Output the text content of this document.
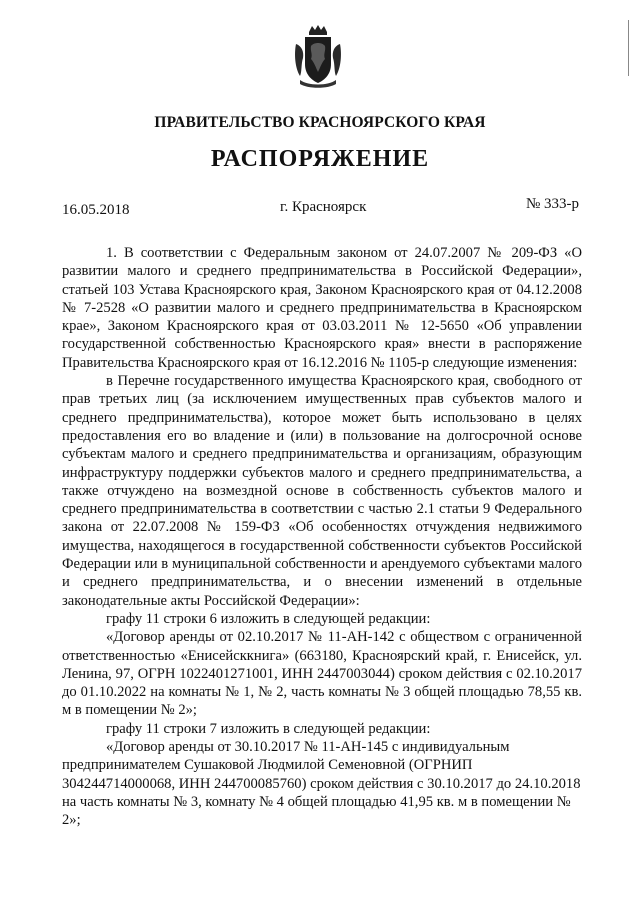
ПРАВИТЕЛЬСТВО КРАСНОЯРСКОГО КРАЯ
РАСПОРЯЖЕНИЕ
16.05.2018	г. Красноярск	№ 333-р

1. В соответствии с Федеральным законом от 24.07.2007 № 209-ФЗ «О развитии малого и среднего предпринимательства в Российской Федерации», статьей 103 Устава Красноярского края, Законом Красноярского края от 04.12.2008 № 7-2528 «О развитии малого и среднего предпринимательства в Красноярском крае», Законом Красноярского края от 03.03.2011 № 12-5650 «Об управлении государственной собственностью Красноярского края» внести в распоряжение Правительства Красноярского края от 16.12.2016 № 1105-р следующие изменения:

в Перечне государственного имущества Красноярского края, свободного от прав третьих лиц (за исключением имущественных прав субъектов малого и среднего предпринимательства), которое может быть использовано в целях предоставления его во владение и (или) в пользование на долгосрочной основе субъектам малого и среднего предпринимательства и организациям, образующим инфраструктуру поддержки субъектов малого и среднего предпринимательства, а также отчуждено на возмездной основе в собственность субъектов малого и среднего предпринимательства в соответствии с частью 2.1 статьи 9 Федерального закона от 22.07.2008 № 159-ФЗ «Об особенностях отчуждения недвижимого имущества, находящегося в государственной собственности субъектов Российской Федерации или в муниципальной собственности и арендуемого субъектами малого и среднего предпринимательства, и о внесении изменений в отдельные законодательные акты Российской Федерации»:

графу 11 строки 6 изложить в следующей редакции:

«Договор аренды от 02.10.2017 № 11-АН-142 с обществом с ограниченной ответственностью «Енисейсккнига» (663180, Красноярский край, г. Енисейск, ул. Ленина, 97, ОГРН 1022401271001, ИНН 2447003044) сроком действия с 02.10.2017 до 01.10.2022 на комнаты № 1, № 2, часть комнаты № 3 общей площадью 78,55 кв. м в помещении № 2»;

графу 11 строки 7 изложить в следующей редакции:

«Договор аренды от 30.10.2017 № 11-АН-145 с индивидуальным предпринимателем Сушаковой Людмилой Семеновной (ОГРНИП 304244714000068, ИНН 244700085760) сроком действия с 30.10.2017 до 24.10.2018 на часть комнаты № 3, комнату № 4 общей площадью 41,95 кв. м в помещении № 2»;
